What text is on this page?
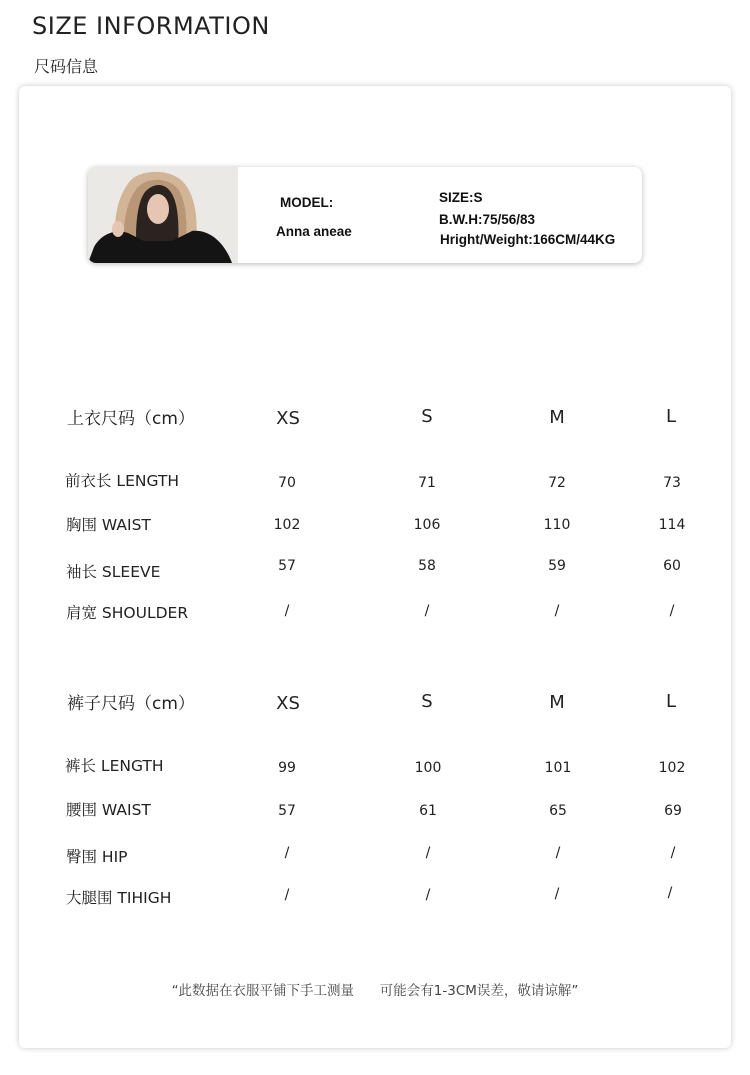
SIZE INFORMATION
尺码信息
MODEL:
Anna aneae
SIZE:S
B.W.H:75/56/83
Hright/Weight:166CM/44KG
上衣尺码（cm）	XS	S	M	L
前衣长 LENGTH	70	71	72	73
胸围 WAIST	102	106	110	114
袖长 SLEEVE	57	58	59	60
肩宽 SHOULDER	/	/	/	/
裤子尺码（cm）	XS	S	M	L
裤长 LENGTH	99	100	101	102
腰围 WAIST	57	61	65	69
臀围 HIP	/	/	/	/
大腿围 TIHIGH	/	/	/	/
“此数据在衣服平铺下手工测量      可能会有1-3CM误差，敬请谅解”
